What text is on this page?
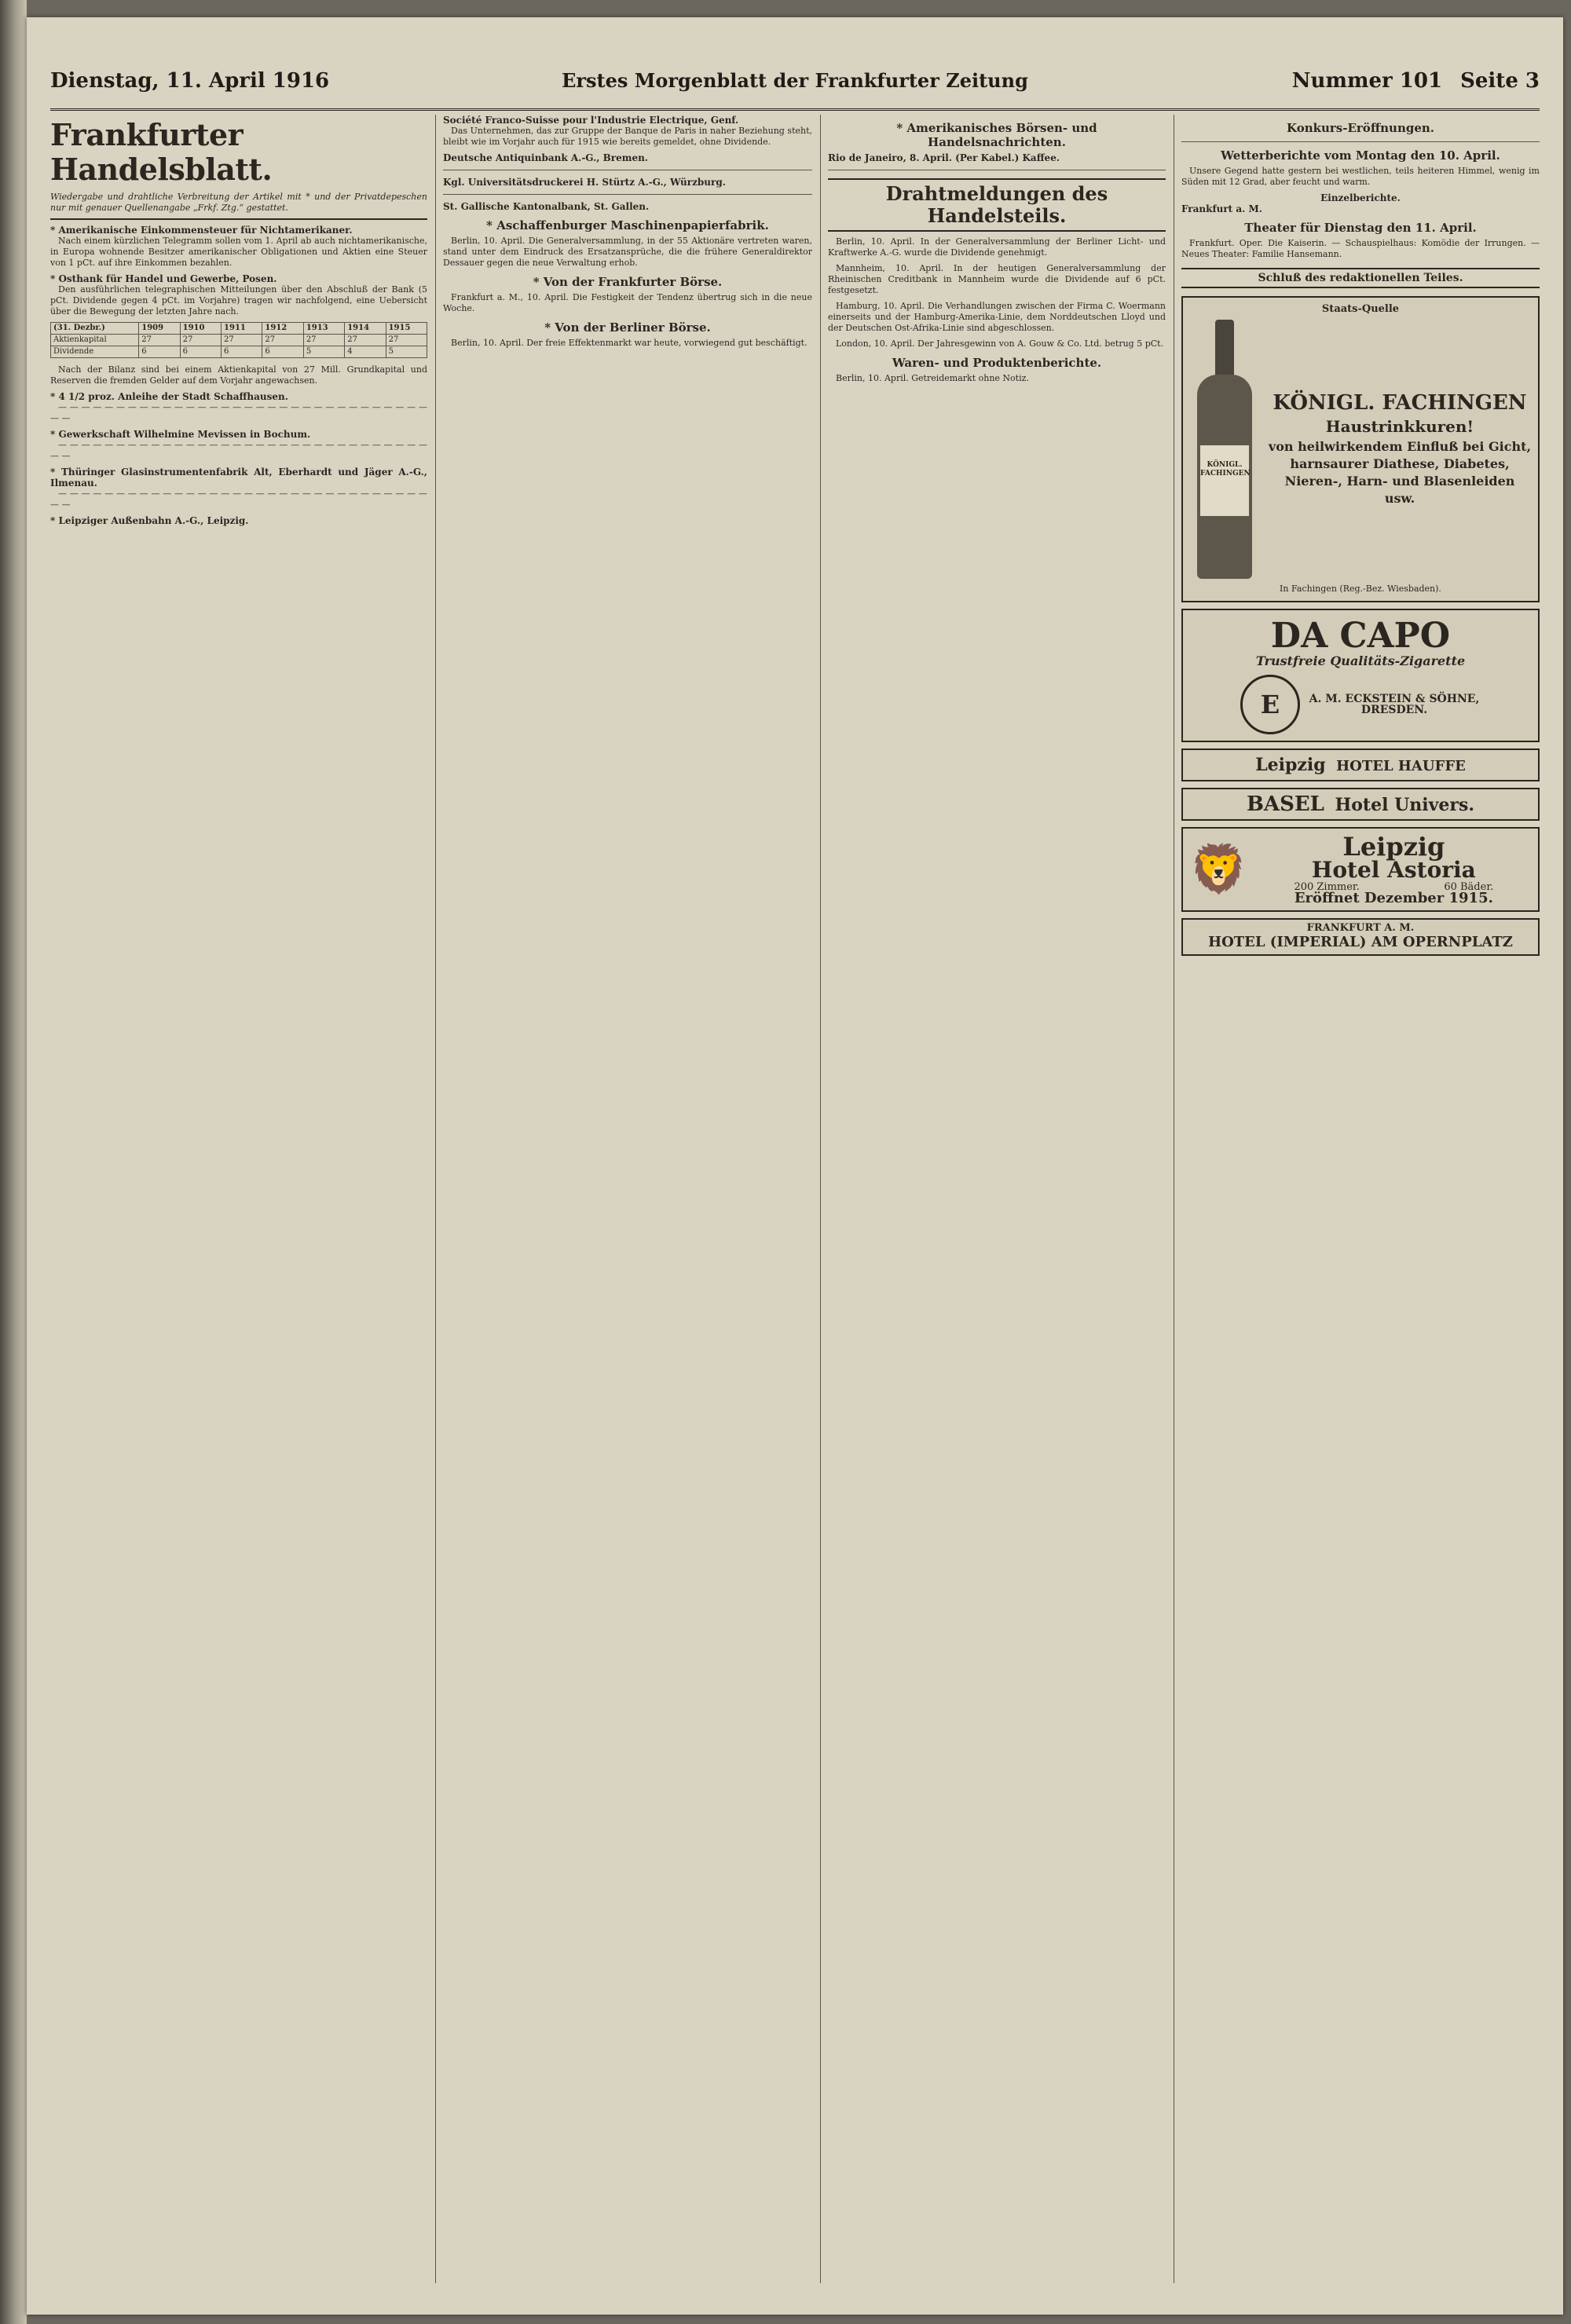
Dienstag, 11. April 1916	Erstes Morgenblatt der Frankfurter Zeitung	Nummer 101 Seite 3
Frankfurter Handelsblatt.
Wiedergabe und drahtliche Verbreitung der Artikel mit * und der Privatdepeschen nur mit genauer Quellenangabe „Frkf. Ztg.“ gestattet.
* Amerikanische Einkommensteuer für Nichtamerikaner.

Nach einem kürzlichen Telegramm sollen vom 1. April ab auch nichtamerikanische, in Europa wohnende Besitzer amerikanischer Obligationen und Aktien eine Steuer von 1 pCt. auf ihre Einkommen bezahlen.

* Osthank für Handel und Gewerbe, Posen.

Den ausführlichen telegraphischen Mitteilungen über den Abschluß der Bank (5 pCt. Dividende gegen 4 pCt. im Vorjahre) tragen wir nachfolgend, eine Uebersicht über die Bewegung der letzten Jahre nach.

(31. Dezbr.)	1909	1910	1911	1912	1913	1914	1915
Aktienkapital	27	27	27	27	27	27	27
Dividende	6	6	6	6	5	4	5

Nach der Bilanz sind bei einem Aktienkapital von 27 Mill. Grundkapital und Reserven die fremden Gelder auf dem Vorjahr angewachsen.

* 4 1/2 proz. Anleihe der Stadt Schaffhausen.

— — — — — — — — — — — — — — — — — — — — — — — — — — — — — — — — — —

* Gewerkschaft Wilhelmine Mevissen in Bochum.

— — — — — — — — — — — — — — — — — — — — — — — — — — — — — — — — — —

* Thüringer Glasinstrumentenfabrik Alt, Eberhardt und Jäger A.-G., Ilmenau.

— — — — — — — — — — — — — — — — — — — — — — — — — — — — — — — — — —

* Leipziger Außenbahn A.-G., Leipzig.
Société Franco-Suisse pour l'Industrie Electrique, Genf.

Das Unternehmen, das zur Gruppe der Banque de Paris in naher Beziehung steht, bleibt wie im Vorjahr auch für 1915 wie bereits gemeldet, ohne Dividende.

Deutsche Antiquinbank A.-G., Bremen.
Kgl. Universitätsdruckerei H. Stürtz A.-G., Würzburg.
St. Gallische Kantonalbank, St. Gallen.
* Aschaffenburger Maschinenpapierfabrik.

Berlin, 10. April. Die Generalversammlung, in der 55 Aktionäre vertreten waren, stand unter dem Eindruck des Ersatzansprüche, die die frühere Generaldirektor Dessauer gegen die neue Verwaltung erhob.

* Von der Frankfurter Börse.

Frankfurt a. M., 10. April. Die Festigkeit der Tendenz übertrug sich in die neue Woche.

* Von der Berliner Börse.

Berlin, 10. April. Der freie Effektenmarkt war heute, vorwiegend gut beschäftigt.

* Amerikanisches Börsen- und Handelsnachrichten.
Rio de Janeiro, 8. April. (Per Kabel.) Kaffee.
Drahtmeldungen des Handelsteils.

Berlin, 10. April. In der Generalversammlung der Berliner Licht- und Kraftwerke A.-G. wurde die Dividende genehmigt.

Mannheim, 10. April. In der heutigen Generalversammlung der Rheinischen Creditbank in Mannheim wurde die Dividende auf 6 pCt. festgesetzt.

Hamburg, 10. April. Die Verhandlungen zwischen der Firma C. Woermann einerseits und der Hamburg-Amerika-Linie, dem Norddeutschen Lloyd und der Deutschen Ost-Afrika-Linie sind abgeschlossen.

London, 10. April. Der Jahresgewinn von A. Gouw & Co. Ltd. betrug 5 pCt.

Waren- und Produktenberichte.

Berlin, 10. April. Getreidemarkt ohne Notiz.

Konkurs-Eröffnungen.
Wetterberichte vom Montag den 10. April.

Unsere Gegend hatte gestern bei westlichen, teils heiteren Himmel, wenig im Süden mit 12 Grad, aber feucht und warm.

Einzelberichte.
Frankfurt a. M.
Theater für Dienstag den 11. April.

Frankfurt. Oper. Die Kaiserin. — Schauspielhaus: Komödie der Irrungen. — Neues Theater: Familie Hansemann.

Schluß des redaktionellen Teiles.
Staats-Quelle
KÖNIGL.
FACHINGEN
KÖNIGL. FACHINGEN
Haustrinkkuren!
von heilwirkendem Einfluß bei Gicht, harnsaurer Diathese, Diabetes, Nieren-, Harn- und Blasenleiden usw.
In Fachingen (Reg.-Bez. Wiesbaden).
DA CAPO
Trustfreie Qualitäts-Zigarette
E	A. M. ECKSTEIN & SÖHNE, DRESDEN.
Leipzig HOTEL HAUFFE
BASEL Hotel Univers.
🦁	Leipzig
Hotel Astoria
200 Zimmer.	60 Bäder.
Eröffnet Dezember 1915.
FRANKFURT A. M.
HOTEL (IMPERIAL) AM OPERNPLATZ
